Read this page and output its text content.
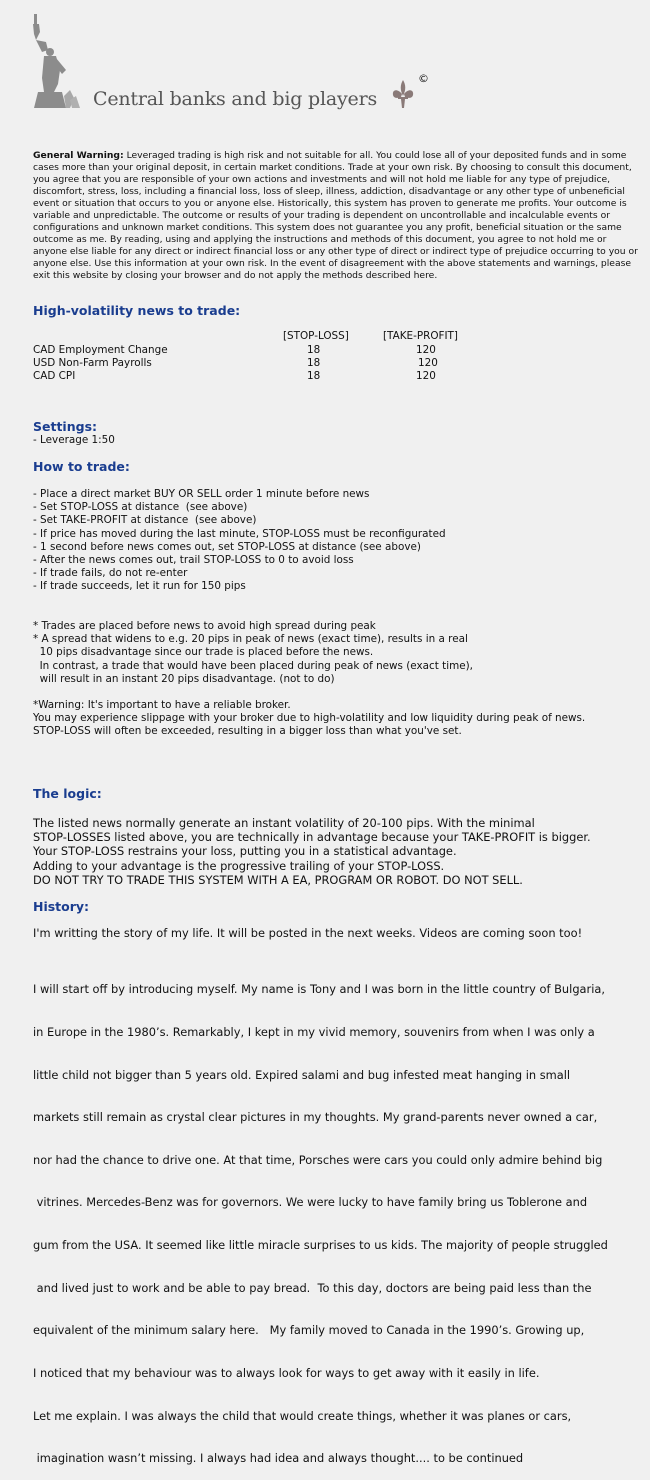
Central banks and big players
©
General Warning: Leveraged trading is high risk and not suitable for all. You could lose all of your deposited funds and in some cases more than your original deposit, in certain market conditions. Trade at your own risk. By choosing to consult this document, you agree that you are responsible of your own actions and investments and will not hold me liable for any type of prejudice, discomfort, stress, loss, including a financial loss, loss of sleep, illness, addiction, disadvantage or any other type of unbeneficial event or situation that occurs to you or anyone else. Historically, this system has proven to generate me profits. Your outcome is variable and unpredictable. The outcome or results of your trading is dependent on uncontrollable and incalculable events or configurations and unknown market conditions. This system does not guarantee you any profit, beneficial situation or the same outcome as me. By reading, using and applying the instructions and methods of this document, you agree to not hold me or anyone else liable for any direct or indirect financial loss or any other type of direct or indirect type of prejudice occurring to you or anyone else. Use this information at your own risk. In the event of disagreement with the above statements and warnings, please exit this website by closing your browser and do not apply the methods described here.
High-volatility news to trade:
[STOP-LOSS]	[TAKE-PROFIT]
CAD Employment Change	18	120
USD Non-Farm Payrolls	18	120
CAD CPI	18	120
Settings:

- Leverage 1:50

How to trade:

- Place a direct market BUY OR SELL order 1 minute before news

- Set STOP-LOSS at distance  (see above)

- Set TAKE-PROFIT at distance  (see above)

- If price has moved during the last minute, STOP-LOSS must be reconfigurated

- 1 second before news comes out, set STOP-LOSS at distance (see above)

- After the news comes out, trail STOP-LOSS to 0 to avoid loss

- If trade fails, do not re-enter

- If trade succeeds, let it run for 150 pips

* Trades are placed before news to avoid high spread during peak

* A spread that widens to e.g. 20 pips in peak of news (exact time), results in a real

10 pips disadvantage since our trade is placed before the news.

In contrast, a trade that would have been placed during peak of news (exact time),

will result in an instant 20 pips disadvantage. (not to do)

*Warning: It's important to have a reliable broker.

You may experience slippage with your broker due to high-volatility and low liquidity during peak of news.

STOP-LOSS will often be exceeded, resulting in a bigger loss than what you've set.

The logic:

The listed news normally generate an instant volatility of 20-100 pips. With the minimal

STOP-LOSSES listed above, you are technically in advantage because your TAKE-PROFIT is bigger.

Your STOP-LOSS restrains your loss, putting you in a statistical advantage.

Adding to your advantage is the progressive trailing of your STOP-LOSS.

DO NOT TRY TO TRADE THIS SYSTEM WITH A EA, PROGRAM OR ROBOT. DO NOT SELL.

History:

I'm writting the story of my life. It will be posted in the next weeks. Videos are coming soon too!

I will start off by introducing myself. My name is Tony and I was born in the little country of Bulgaria,

in Europe in the 1980’s. Remarkably, I kept in my vivid memory, souvenirs from when I was only a

little child not bigger than 5 years old. Expired salami and bug infested meat hanging in small

markets still remain as crystal clear pictures in my thoughts. My grand-parents never owned a car,

nor had the chance to drive one. At that time, Porsches were cars you could only admire behind big

vitrines. Mercedes-Benz was for governors. We were lucky to have family bring us Toblerone and

gum from the USA. It seemed like little miracle surprises to us kids. The majority of people struggled

and lived just to work and be able to pay bread.  To this day, doctors are being paid less than the

equivalent of the minimum salary here.   My family moved to Canada in the 1990’s. Growing up,

I noticed that my behaviour was to always look for ways to get away with it easily in life.

Let me explain. I was always the child that would create things, whether it was planes or cars,

imagination wasn’t missing. I always had idea and always thought.... to be continued
